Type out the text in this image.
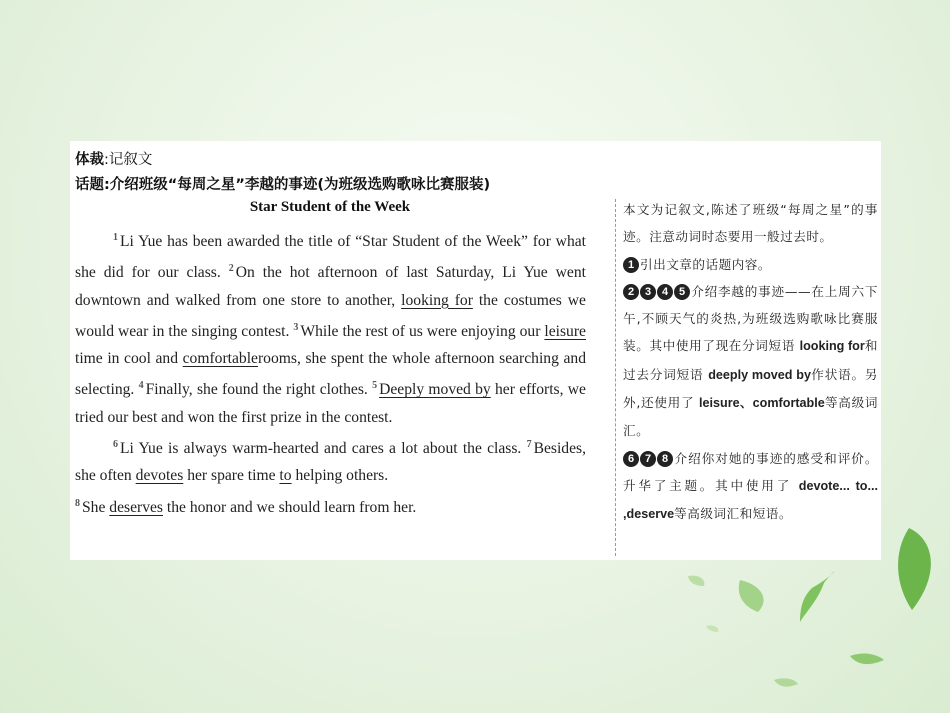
体裁:记叙文
话题:介绍班级“每周之星”李越的事迹(为班级选购歌咏比赛服装)
Star Student of the Week

$^1$ Li Yue has been awarded the title of “Star Student of the Week” for what she did for our class. $^2$ On the hot afternoon of last Saturday, Li Yue went downtown and walked from one store to another, looking for the costumes we would wear in the singing contest. $^3$ While the rest of us were enjoying our leisure time in cool and comfortablerooms, she spent the whole afternoon searching and selecting. $^4$ Finally, she found the right clothes. $^5$ Deeply moved by her efforts, we tried our best and won the first prize in the contest.

$^6$ Li Yue is always warm-hearted and cares a lot about the class. $^7$ Besides, she often devotes her spare time to helping others.

$^8$ She deserves the honor and we should learn from her.

本文为记叙文,陈述了班级“每周之星”的事迹。注意动词时态要用一般过去时。

1 引出文章的话题内容。

2 3 4 5 介绍李越的事迹——在上周六下午,不顾天气的炎热,为班级选购歌咏比赛服装。其中使用了现在分词短语 looking for和过去分词短语 deeply moved by作状语。另外,还使用了 leisure、comfortable等高级词汇。

6 7 8 介绍你对她的事迹的感受和评价。升华了主题。其中使用了 devote... to... ,deserve等高级词汇和短语。
